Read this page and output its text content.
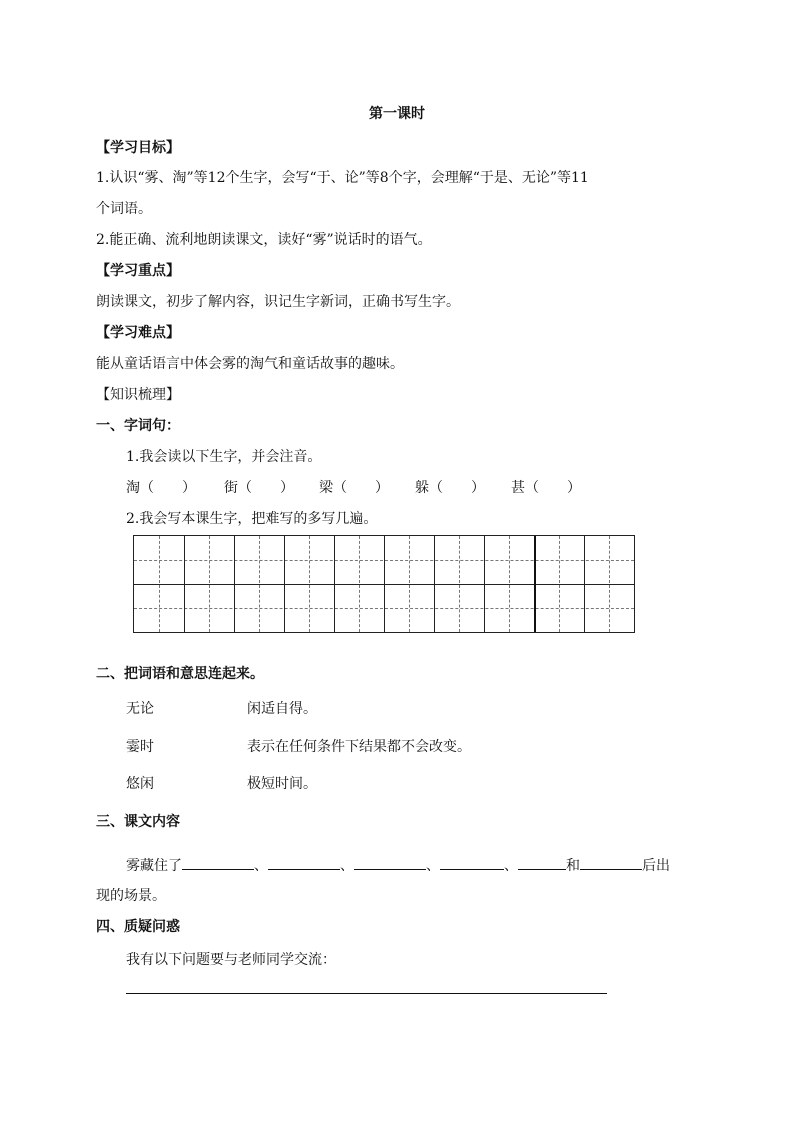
第一课时
【学习目标】
1.认识“雾、淘”等12个生字，会写“于、论”等8个字，会理解“于是、无论”等11
个词语。
2.能正确、流利地朗读课文，读好“雾”说话时的语气。
【学习重点】
朗读课文，初步了解内容，识记生字新词，正确书写生字。
【学习难点】
能从童话语言中体会雾的淘气和童话故事的趣味。
【知识梳理】
一、字词句：
1.我会读以下生字，并会注音。
淘（　　） 街（　　） 梁（　　） 躲（　　） 甚（　　）
2.我会写本课生字，把难写的多写几遍。
二、把词语和意思连起来。
无论	闲适自得。
霎时	表示在任何条件下结果都不会改变。
悠闲	极短时间。
三、课文内容
雾藏住了	、	、	、	、	和	后出
现的场景。
四、质疑问惑
我有以下问题要与老师同学交流：
